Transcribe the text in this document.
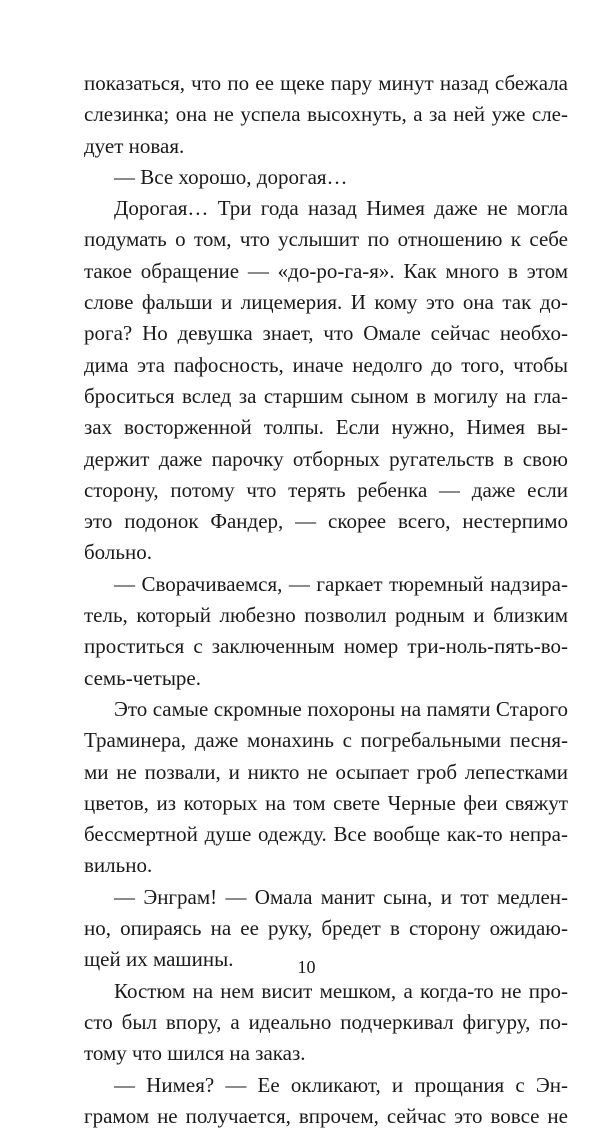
показаться, что по ее щеке пару минут назад сбежала
слезинка; она не успела высохнуть, а за ней уже сле-
дует новая.
— Все хорошо, дорогая…
Дорогая… Три года назад Нимея даже не могла
подумать о том, что услышит по отношению к себе
такое обращение — «до-ро-га-я». Как много в этом
слове фальши и лицемерия. И кому это она так до-
рога? Но девушка знает, что Омале сейчас необхо-
дима эта пафосность, иначе недолго до того, чтобы
броситься вслед за старшим сыном в могилу на гла-
зах восторженной толпы. Если нужно, Нимея вы-
держит даже парочку отборных ругательств в свою
сторону, потому что терять ребенка — даже если
это подонок Фандер, — скорее всего, нестерпимо
больно.
— Сворачиваемся, — гаркает тюремный надзира-
тель, который любезно позволил родным и близким
проститься с заключенным номер три-ноль-пять-во-
семь-четыре.
Это самые скромные похороны на памяти Старого
Траминера, даже монахинь с погребальными песня-
ми не позвали, и никто не осыпает гроб лепестками
цветов, из которых на том свете Черные феи свяжут
бессмертной душе одежду. Все вообще как-то непра-
вильно.
— Энграм! — Омала манит сына, и тот медлен-
но, опираясь на ее руку, бредет в сторону ожидаю-
щей их машины.
Костюм на нем висит мешком, а когда-то не про-
сто был впору, а идеально подчеркивал фигуру, по-
тому что шился на заказ.
— Нимея? — Ее окликают, и прощания с Эн-
грамом не получается, впрочем, сейчас это вовсе не
10
